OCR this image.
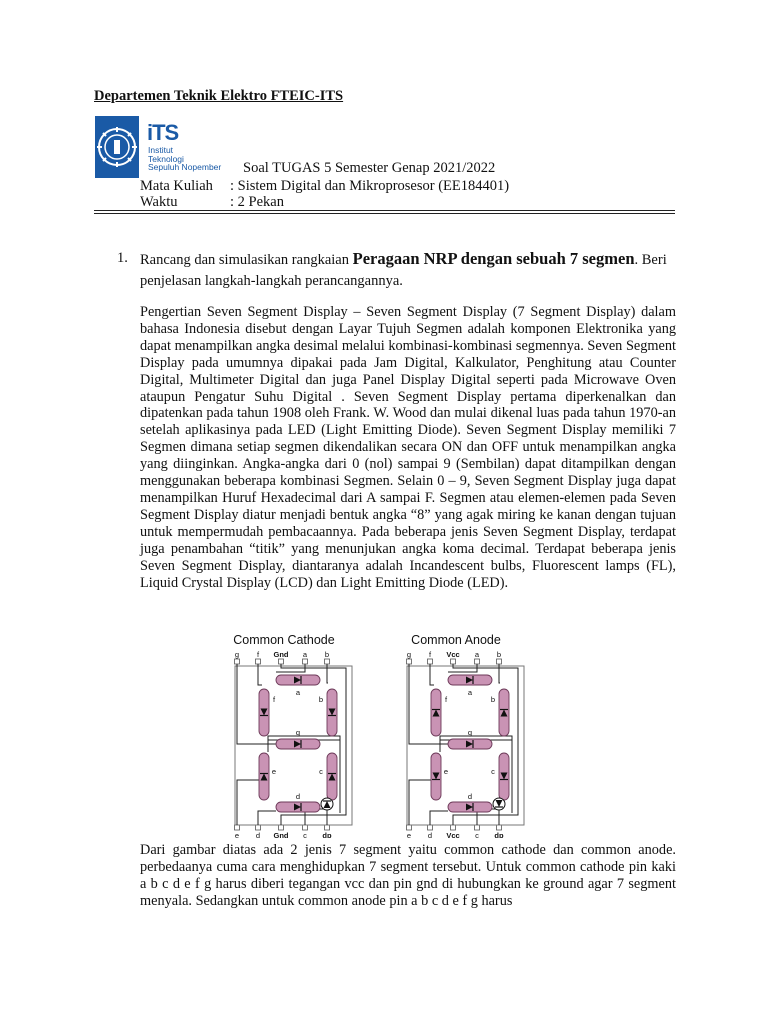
Departemen Teknik Elektro FTEIC-ITS
iTS
Institut
Teknologi
Sepuluh Nopember Soal TUGAS 5 Semester Genap 2021/2022
Mata Kuliah : Sistem Digital dan Mikroprosesor (EE184401)
Waktu	: 2 Pekan
1. Rancang dan simulasikan rangkaian Peragaan NRP dengan sebuah 7 segmen. Beri penjelasan langkah-langkah perancangannya.
Pengertian Seven Segment Display – Seven Segment Display (7 Segment Display) dalam bahasa Indonesia disebut dengan Layar Tujuh Segmen adalah komponen Elektronika yang dapat menampilkan angka desimal melalui kombinasi-kombinasi segmennya. Seven Segment Display pada umumnya dipakai pada Jam Digital, Kalkulator, Penghitung atau Counter Digital, Multimeter Digital dan juga Panel Display Digital seperti pada Microwave Oven ataupun Pengatur Suhu Digital . Seven Segment Display pertama diperkenalkan dan dipatenkan pada tahun 1908 oleh Frank. W. Wood dan mulai dikenal luas pada tahun 1970-an setelah aplikasinya pada LED (Light Emitting Diode). Seven Segment Display memiliki 7 Segmen dimana setiap segmen dikendalikan secara ON dan OFF untuk menampilkan angka yang diinginkan. Angka-angka dari 0 (nol) sampai 9 (Sembilan) dapat ditampilkan dengan menggunakan beberapa kombinasi Segmen. Selain 0 – 9, Seven Segment Display juga dapat menampilkan Huruf Hexadecimal dari A sampai F. Segmen atau elemen-elemen pada Seven Segment Display diatur menjadi bentuk angka “8” yang agak miring ke kanan dengan tujuan untuk mempermudah pembacaannya. Pada beberapa jenis Seven Segment Display, terdapat juga penambahan “titik” yang menunjukan angka koma decimal. Terdapat beberapa jenis Seven Segment Display, diantaranya adalah Incandescent bulbs, Fluorescent lamps (FL), Liquid Crystal Display (LCD) dan Light Emitting Diode (LED).
Common Cathode
g f Gnd a b
e d Gnd c dp
a
g
d
f	b
e	c
Common Anode
g f Vcc a b
e d Vcc c dp
a
g
d
f	b
e	c
Dari gambar diatas ada 2 jenis 7 segment yaitu common cathode dan common anode. perbedaanya cuma cara menghidupkan 7 segment tersebut. Untuk common cathode pin kaki a b c d e f g harus diberi tegangan vcc dan pin gnd di hubungkan ke ground agar 7 segment menyala. Sedangkan untuk common anode pin a b c d e f g harus
